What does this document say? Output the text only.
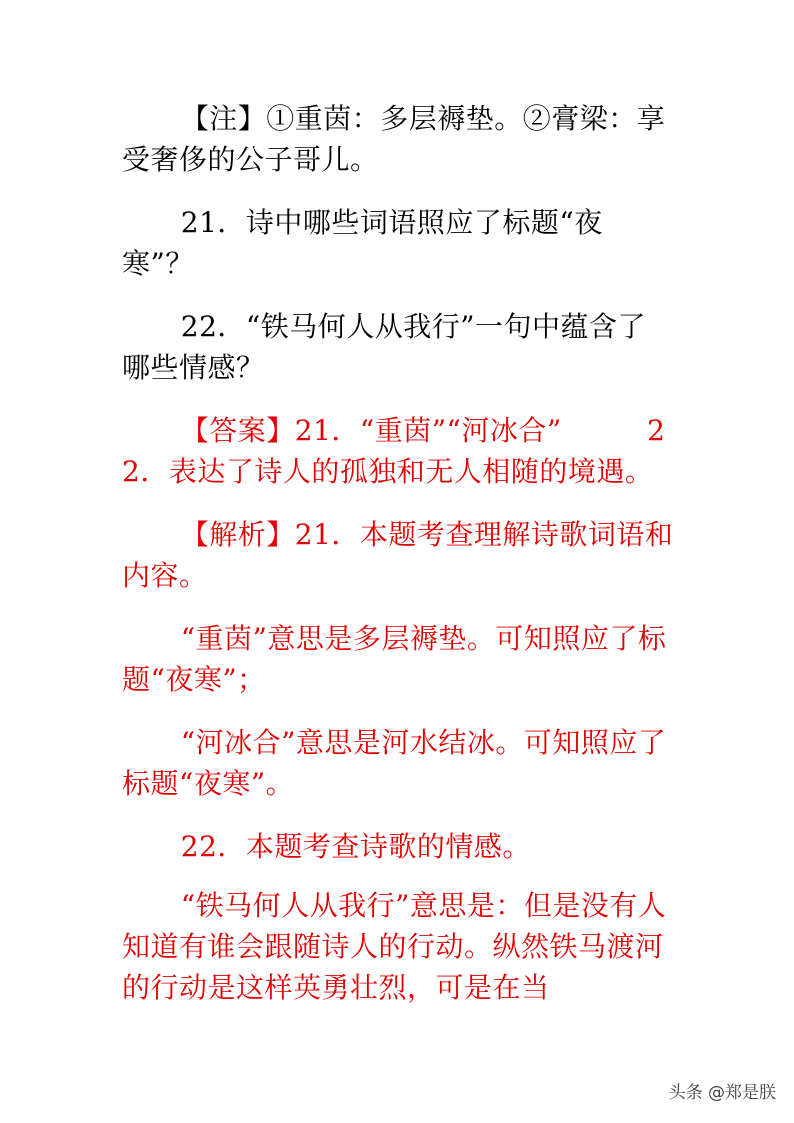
【注】①重茵：多层褥垫。②膏梁：享受奢侈的公子哥儿。

21．诗中哪些词语照应了标题“夜寒”？

22．“铁马何人从我行”一句中蕴含了哪些情感？

【答案】21．“重茵”“河冰合”　　　22．表达了诗人的孤独和无人相随的境遇。

【解析】21．本题考查理解诗歌词语和内容。

“重茵”意思是多层褥垫。可知照应了标题“夜寒”；

“河冰合”意思是河水结冰。可知照应了标题“夜寒”。

22．本题考查诗歌的情感。

“铁马何人从我行”意思是：但是没有人知道有谁会跟随诗人的行动。纵然铁马渡河的行动是这样英勇壮烈，可是在当

头条 @郑是朕
